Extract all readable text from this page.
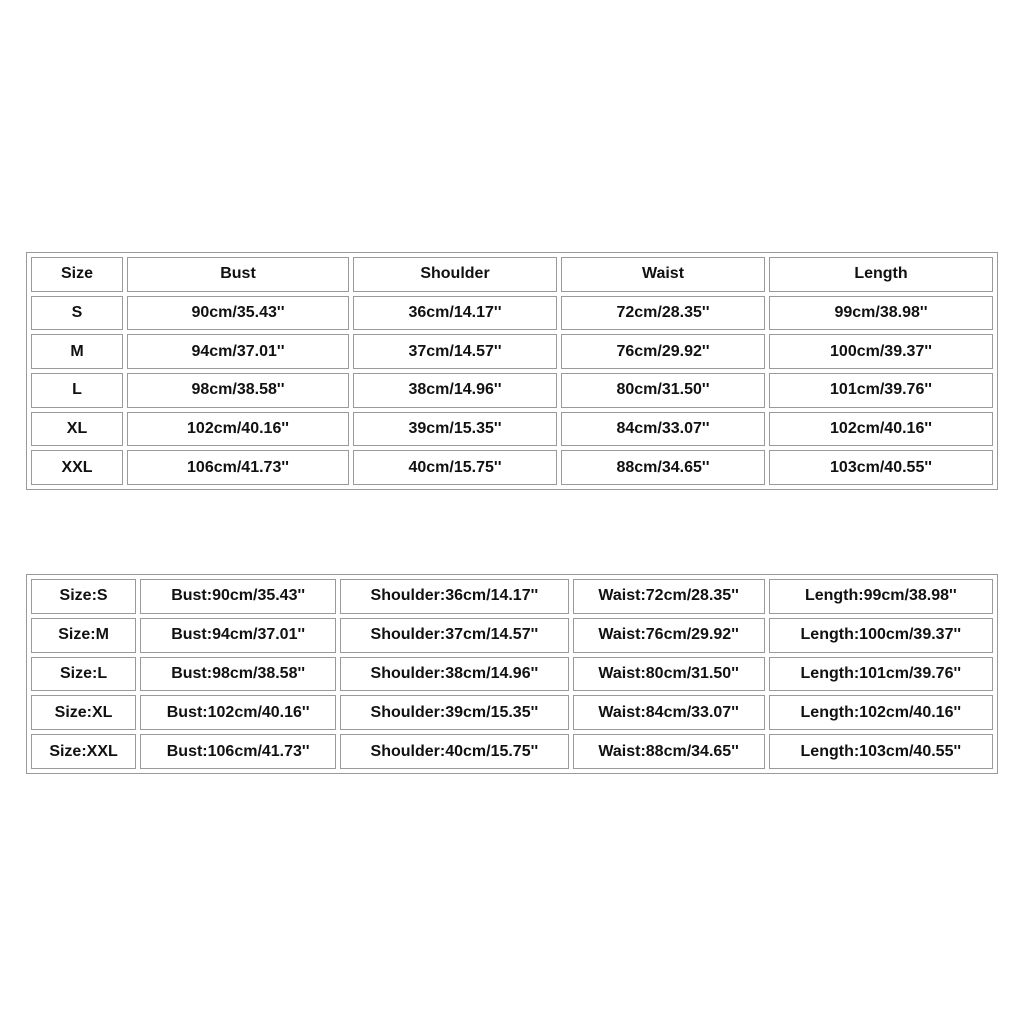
Size	Bust	Shoulder	Waist	Length
S	90cm/35.43''	36cm/14.17''	72cm/28.35''	99cm/38.98''
M	94cm/37.01''	37cm/14.57''	76cm/29.92''	100cm/39.37''
L	98cm/38.58''	38cm/14.96''	80cm/31.50''	101cm/39.76''
XL	102cm/40.16''	39cm/15.35''	84cm/33.07''	102cm/40.16''
XXL	106cm/41.73''	40cm/15.75''	88cm/34.65''	103cm/40.55''
Size:S	Bust:90cm/35.43''	Shoulder:36cm/14.17''	Waist:72cm/28.35''	Length:99cm/38.98''
Size:M	Bust:94cm/37.01''	Shoulder:37cm/14.57''	Waist:76cm/29.92''	Length:100cm/39.37''
Size:L	Bust:98cm/38.58''	Shoulder:38cm/14.96''	Waist:80cm/31.50''	Length:101cm/39.76''
Size:XL	Bust:102cm/40.16''	Shoulder:39cm/15.35''	Waist:84cm/33.07''	Length:102cm/40.16''
Size:XXL	Bust:106cm/41.73''	Shoulder:40cm/15.75''	Waist:88cm/34.65''	Length:103cm/40.55''
